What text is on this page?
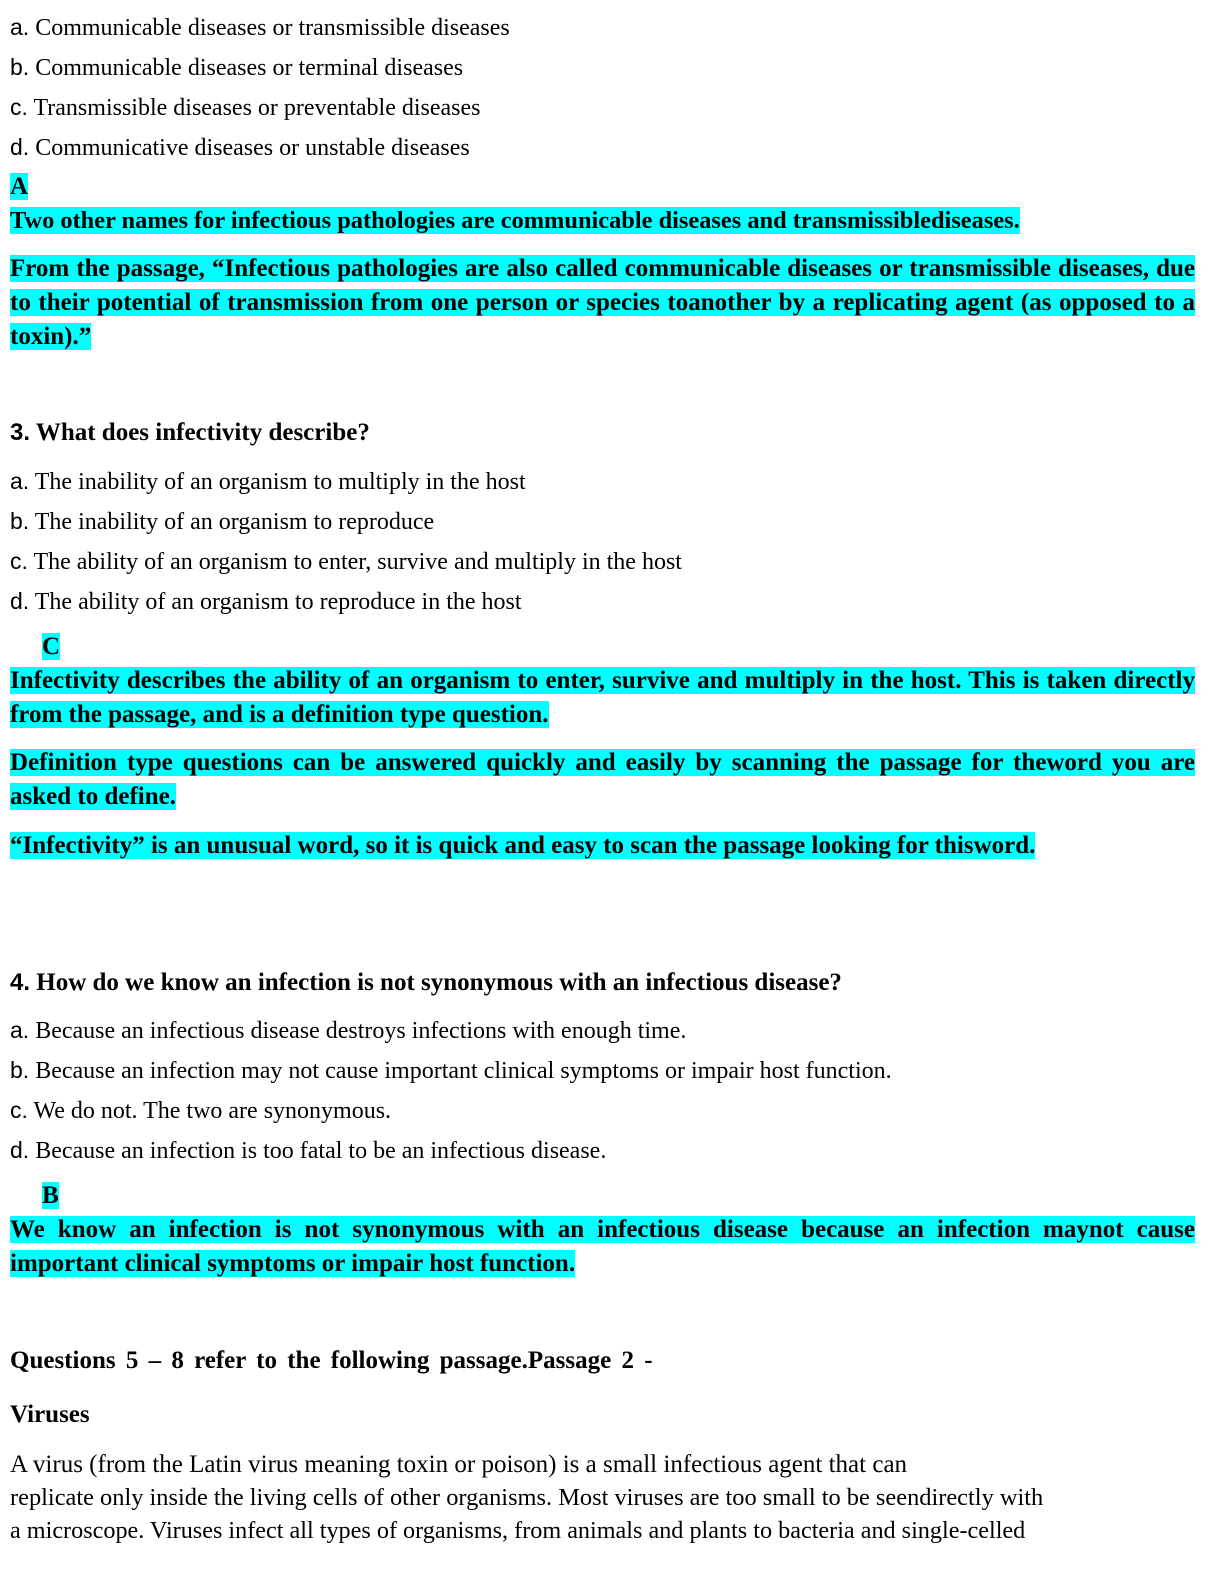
a. Communicable diseases or transmissible diseases
b. Communicable diseases or terminal diseases
c. Transmissible diseases or preventable diseases
d. Communicative diseases or unstable diseases
A
Two other names for infectious pathologies are communicable diseases and transmissiblediseases.
From the passage, “Infectious pathologies are also called communicable diseases or transmissible diseases, due to their potential of transmission from one person or species toanother by a replicating agent (as opposed to a toxin).”
3. What does infectivity describe?
a. The inability of an organism to multiply in the host
b. The inability of an organism to reproduce
c. The ability of an organism to enter, survive and multiply in the host
d. The ability of an organism to reproduce in the host
C
Infectivity describes the ability of an organism to enter, survive and multiply in the host. This is taken directly from the passage, and is a definition type question.
Definition type questions can be answered quickly and easily by scanning the passage for theword you are asked to define.
“Infectivity” is an unusual word, so it is quick and easy to scan the passage looking for thisword.
4. How do we know an infection is not synonymous with an infectious disease?
a. Because an infectious disease destroys infections with enough time.
b. Because an infection may not cause important clinical symptoms or impair host function.
c. We do not. The two are synonymous.
d. Because an infection is too fatal to be an infectious disease.
B
We know an infection is not synonymous with an infectious disease because an infection maynot cause important clinical symptoms or impair host function.
Questions 5 – 8 refer to the following passage.Passage 2 -
Viruses
A virus (from the Latin virus meaning toxin or poison) is a small infectious agent that can
replicate only inside the living cells of other organisms. Most viruses are too small to be seendirectly with
a microscope. Viruses infect all types of organisms, from animals and plants to bacteria and single-celled
